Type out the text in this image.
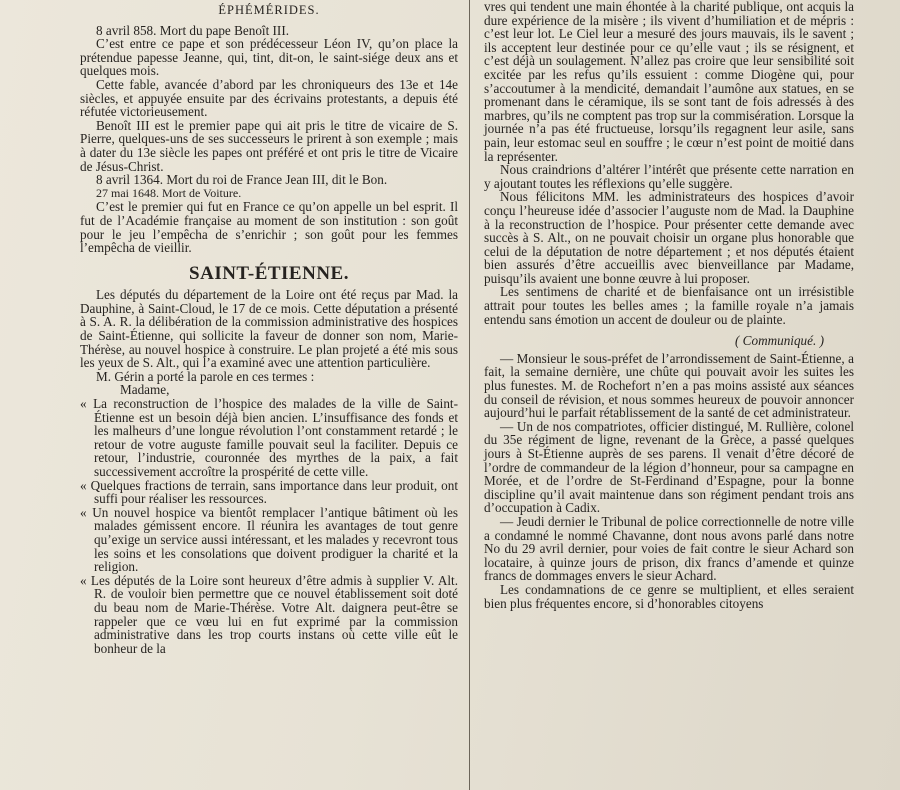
ÉPHÉMÉRIDES.

8 avril 858. Mort du pape Benoît III.

C’est entre ce pape et son prédécesseur Léon IV, qu’on place la prétendue papesse Jeanne, qui, tint, dit-on, le saint-siége deux ans et quelques mois.

Cette fable, avancée d’abord par les chroniqueurs des 13e et 14e siècles, et appuyée ensuite par des écrivains protestants, a depuis été réfutée victorieusement.

Benoît III est le premier pape qui ait pris le titre de vicaire de S. Pierre, quelques-uns de ses successeurs le prirent à son exemple ; mais à dater du 13e siècle les papes ont préféré et ont pris le titre de Vicaire de Jésus-Christ.

8 avril 1364. Mort du roi de France Jean III, dit le Bon.

27 mai 1648. Mort de Voiture.

C’est le premier qui fut en France ce qu’on appelle un bel esprit. Il fut de l’Académie française au moment de son institution : son goût pour le jeu l’empêcha de s’enrichir ; son goût pour les femmes l’empêcha de vieillir.

SAINT-ÉTIENNE.

Les députés du département de la Loire ont été reçus par Mad. la Dauphine, à Saint-Cloud, le 17 de ce mois. Cette députation a présenté à S. A. R. la délibération de la commission administrative des hospices de Saint-Étienne, qui sollicite la faveur de donner son nom, Marie-Thérèse, au nouvel hospice à construire. Le plan projeté a été mis sous les yeux de S. Alt., qui l’a examiné avec une attention particulière.

M. Gérin a porté la parole en ces termes :

Madame,

« La reconstruction de l’hospice des malades de la ville de Saint-Étienne est un besoin déjà bien ancien. L’insuffisance des fonds et les malheurs d’une longue révolution l’ont constamment retardé ; le retour de votre auguste famille pouvait seul la faciliter. Depuis ce retour, l’industrie, couronnée des myrthes de la paix, a fait successivement accroître la prospérité de cette ville.

« Quelques fractions de terrain, sans importance dans leur produit, ont suffi pour réaliser les ressources.

« Un nouvel hospice va bientôt remplacer l’antique bâtiment où les malades gémissent encore. Il réunira les avantages de tout genre qu’exige un service aussi intéressant, et les malades y recevront tous les soins et les consolations que doivent prodiguer la charité et la religion.

« Les députés de la Loire sont heureux d’être admis à supplier V. Alt. R. de vouloir bien permettre que ce nouvel établissement soit doté du beau nom de Marie-Thérèse. Votre Alt. daignera peut-être se rappeler que ce vœu lui en fut exprimé par la commission administrative dans les trop courts instans où cette ville eût le bonheur de la

vres qui tendent une main éhontée à la charité publique, ont acquis la dure expérience de la misère ; ils vivent d’humiliation et de mépris : c’est leur lot. Le Ciel leur a mesuré des jours mauvais, ils le savent ; ils acceptent leur destinée pour ce qu’elle vaut ; ils se résignent, et c’est déjà un soulagement. N’allez pas croire que leur sensibilité soit excitée par les refus qu’ils essuient : comme Diogène qui, pour s’accoutumer à la mendicité, demandait l’aumône aux statues, en se promenant dans le céramique, ils se sont tant de fois adressés à des marbres, qu’ils ne comptent pas trop sur la commisération. Lorsque la journée n’a pas été fructueuse, lorsqu’ils regagnent leur asile, sans pain, leur estomac seul en souffre ; le cœur n’est point de moitié dans la représenter.

Nous craindrions d’altérer l’intérêt que présente cette narration en y ajoutant toutes les réflexions qu’elle suggère.

Nous félicitons MM. les administrateurs des hospices d’avoir conçu l’heureuse idée d’associer l’auguste nom de Mad. la Dauphine à la reconstruction de l’hospice. Pour présenter cette demande avec succès à S. Alt., on ne pouvait choisir un organe plus honorable que celui de la députation de notre département ; et nos députés étaient bien assurés d’être accueillis avec bienveillance par Madame, puisqu’ils avaient une bonne œuvre à lui proposer.

Les sentimens de charité et de bienfaisance ont un irrésistible attrait pour toutes les belles ames ; la famille royale n’a jamais entendu sans émotion un accent de douleur ou de plainte.

( Communiqué. )

— Monsieur le sous-préfet de l’arrondissement de Saint-Étienne, a fait, la semaine dernière, une chûte qui pouvait avoir les suites les plus funestes. M. de Rochefort n’en a pas moins assisté aux séances du conseil de révision, et nous sommes heureux de pouvoir annoncer aujourd’hui le parfait rétablissement de la santé de cet administrateur.

— Un de nos compatriotes, officier distingué, M. Rullière, colonel du 35e régiment de ligne, revenant de la Grèce, a passé quelques jours à St-Étienne auprès de ses parens. Il venait d’être décoré de l’ordre de commandeur de la légion d’honneur, pour sa campagne en Morée, et de l’ordre de St-Ferdinand d’Espagne, pour la bonne discipline qu’il avait maintenue dans son régiment pendant trois ans d’occupation à Cadix.

— Jeudi dernier le Tribunal de police correctionnelle de notre ville a condamné le nommé Chavanne, dont nous avons parlé dans notre No du 29 avril dernier, pour voies de fait contre le sieur Achard son locataire, à quinze jours de prison, dix francs d’amende et quinze francs de dommages envers le sieur Achard.

Les condamnations de ce genre se multiplient, et elles seraient bien plus fréquentes encore, si d’honorables citoyens
